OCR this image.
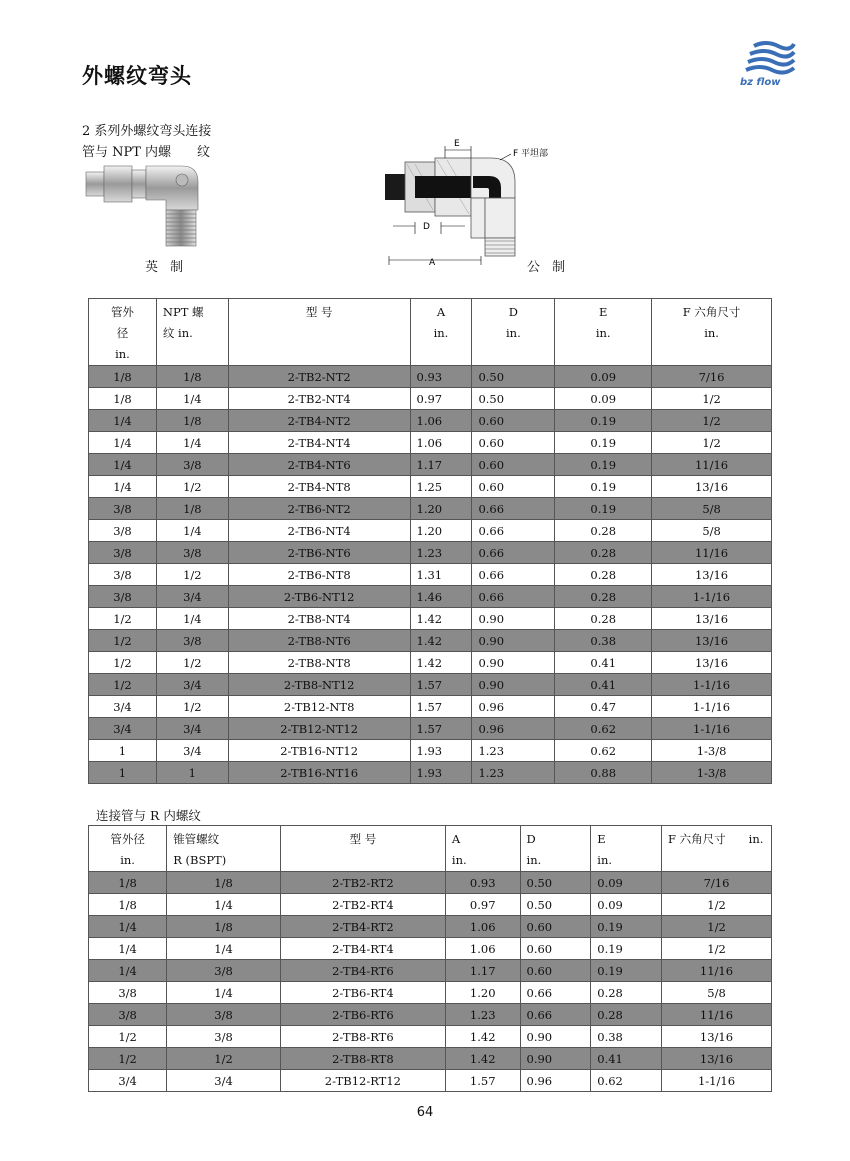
外螺纹弯头	bz flow
2 系列外螺纹弯头连接
管与 NPT 内螺　　纹
英 制
E
F 平坦部
D
A	公 制
管外
径
in.	NPT 螺
纹 in.	型 号	A
in.	D
in.	E
in.	F 六角尺寸
in.
1/8	1/8	2-TB2-NT2	0.93	0.50	0.09	7/16
1/8	1/4	2-TB2-NT4	0.97	0.50	0.09	1/2
1/4	1/8	2-TB4-NT2	1.06	0.60	0.19	1/2
1/4	1/4	2-TB4-NT4	1.06	0.60	0.19	1/2
1/4	3/8	2-TB4-NT6	1.17	0.60	0.19	11/16
1/4	1/2	2-TB4-NT8	1.25	0.60	0.19	13/16
3/8	1/8	2-TB6-NT2	1.20	0.66	0.19	5/8
3/8	1/4	2-TB6-NT4	1.20	0.66	0.28	5/8
3/8	3/8	2-TB6-NT6	1.23	0.66	0.28	11/16
3/8	1/2	2-TB6-NT8	1.31	0.66	0.28	13/16
3/8	3/4	2-TB6-NT12	1.46	0.66	0.28	1-1/16
1/2	1/4	2-TB8-NT4	1.42	0.90	0.28	13/16
1/2	3/8	2-TB8-NT6	1.42	0.90	0.38	13/16
1/2	1/2	2-TB8-NT8	1.42	0.90	0.41	13/16
1/2	3/4	2-TB8-NT12	1.57	0.90	0.41	1-1/16
3/4	1/2	2-TB12-NT8	1.57	0.96	0.47	1-1/16
3/4	3/4	2-TB12-NT12	1.57	0.96	0.62	1-1/16
1	3/4	2-TB16-NT12	1.93	1.23	0.62	1-3/8
1	1	2-TB16-NT16	1.93	1.23	0.88	1-3/8
连接管与 R 内螺纹
管外径
in.	锥管螺纹
R (BSPT)	型 号	A
in.	D
in.	E
in.	F 六角尺寸　　in.
1/8	1/8	2-TB2-RT2	0.93	0.50	0.09	7/16
1/8	1/4	2-TB2-RT4	0.97	0.50	0.09	1/2
1/4	1/8	2-TB4-RT2	1.06	0.60	0.19	1/2
1/4	1/4	2-TB4-RT4	1.06	0.60	0.19	1/2
1/4	3/8	2-TB4-RT6	1.17	0.60	0.19	11/16
3/8	1/4	2-TB6-RT4	1.20	0.66	0.28	5/8
3/8	3/8	2-TB6-RT6	1.23	0.66	0.28	11/16
1/2	3/8	2-TB8-RT6	1.42	0.90	0.38	13/16
1/2	1/2	2-TB8-RT8	1.42	0.90	0.41	13/16
3/4	3/4	2-TB12-RT12	1.57	0.96	0.62	1-1/16
64
